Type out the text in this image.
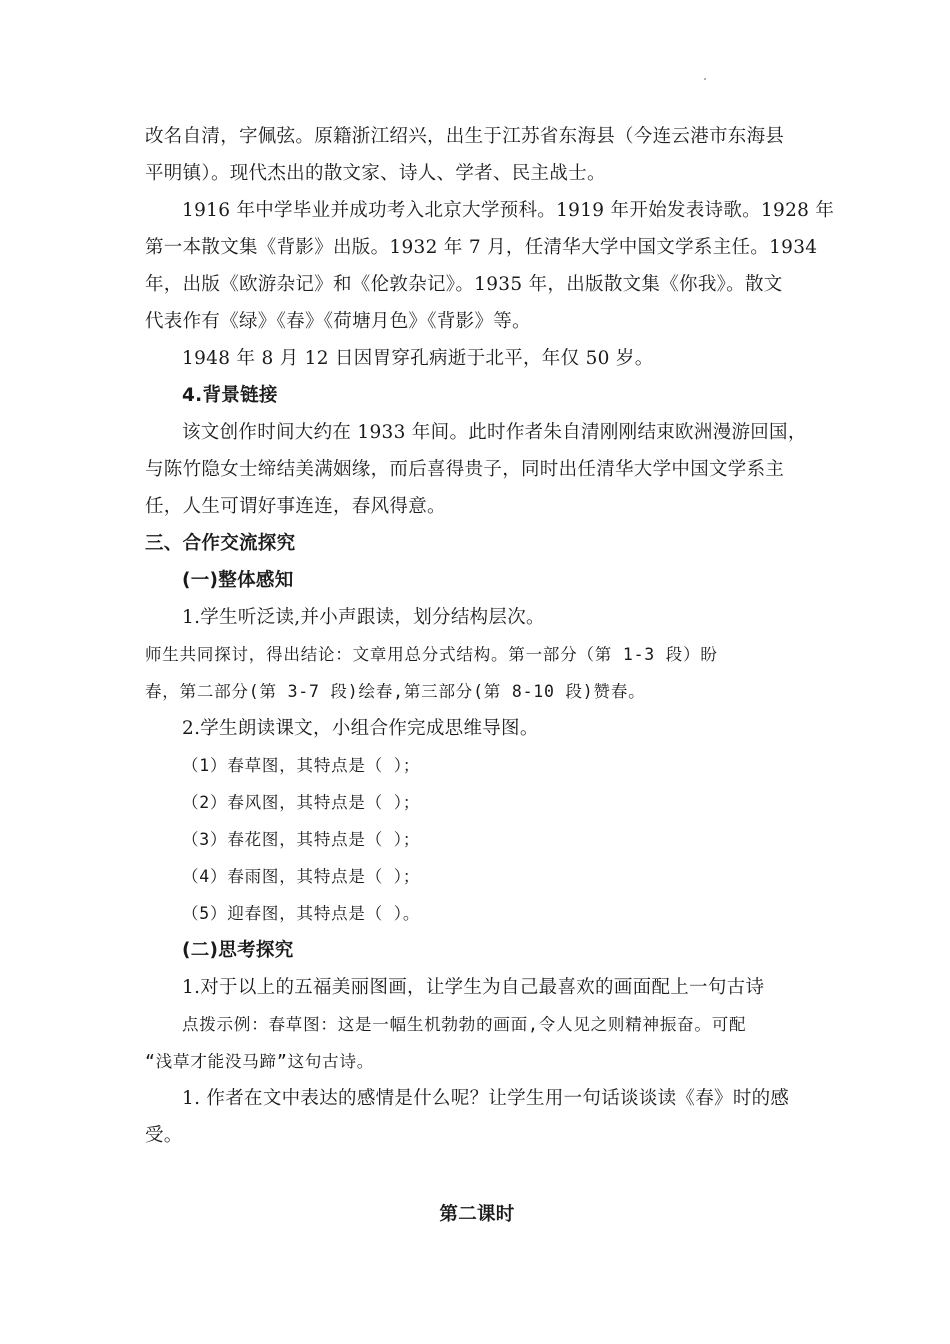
改名自清，字佩弦。原籍浙江绍兴，出生于江苏省东海县（今连云港市东海县

平明镇）。现代杰出的散文家、诗人、学者、民主战士。

1916 年中学毕业并成功考入北京大学预科。1919 年开始发表诗歌。1928 年

第一本散文集《背影》出版。1932 年 7 月，任清华大学中国文学系主任。1934

年，出版《欧游杂记》和《伦敦杂记》。1935 年，出版散文集《你我》。散文

代表作有《绿》《春》《荷塘月色》《背影》等。

1948 年 8 月 12 日因胃穿孔病逝于北平，年仅 50 岁。

4.背景链接

该文创作时间大约在 1933 年间。此时作者朱自清刚刚结束欧洲漫游回国，

与陈竹隐女士缔结美满姻缘，而后喜得贵子，同时出任清华大学中国文学系主

任，人生可谓好事连连，春风得意。

三、合作交流探究

(一)整体感知

1.学生听泛读,并小声跟读，划分结构层次。

师生共同探讨，得出结论：文章用总分式结构。第一部分（第 1-3 段）盼

春，第二部分(第 3-7 段)绘春,第三部分(第 8-10 段)赞春。

2.学生朗读课文，小组合作完成思维导图。

（1）春草图，其特点是（ ）；

（2）春风图，其特点是（ ）；

（3）春花图，其特点是（ ）；

（4）春雨图，其特点是（ ）；

（5）迎春图，其特点是（ ）。

(二)思考探究

1.对于以上的五福美丽图画，让学生为自己最喜欢的画面配上一句古诗

点拨示例：春草图：这是一幅生机勃勃的画面,令人见之则精神振奋。可配

“浅草才能没马蹄”这句古诗。

1. 作者在文中表达的感情是什么呢？让学生用一句话谈谈读《春》时的感

受。

第二课时
